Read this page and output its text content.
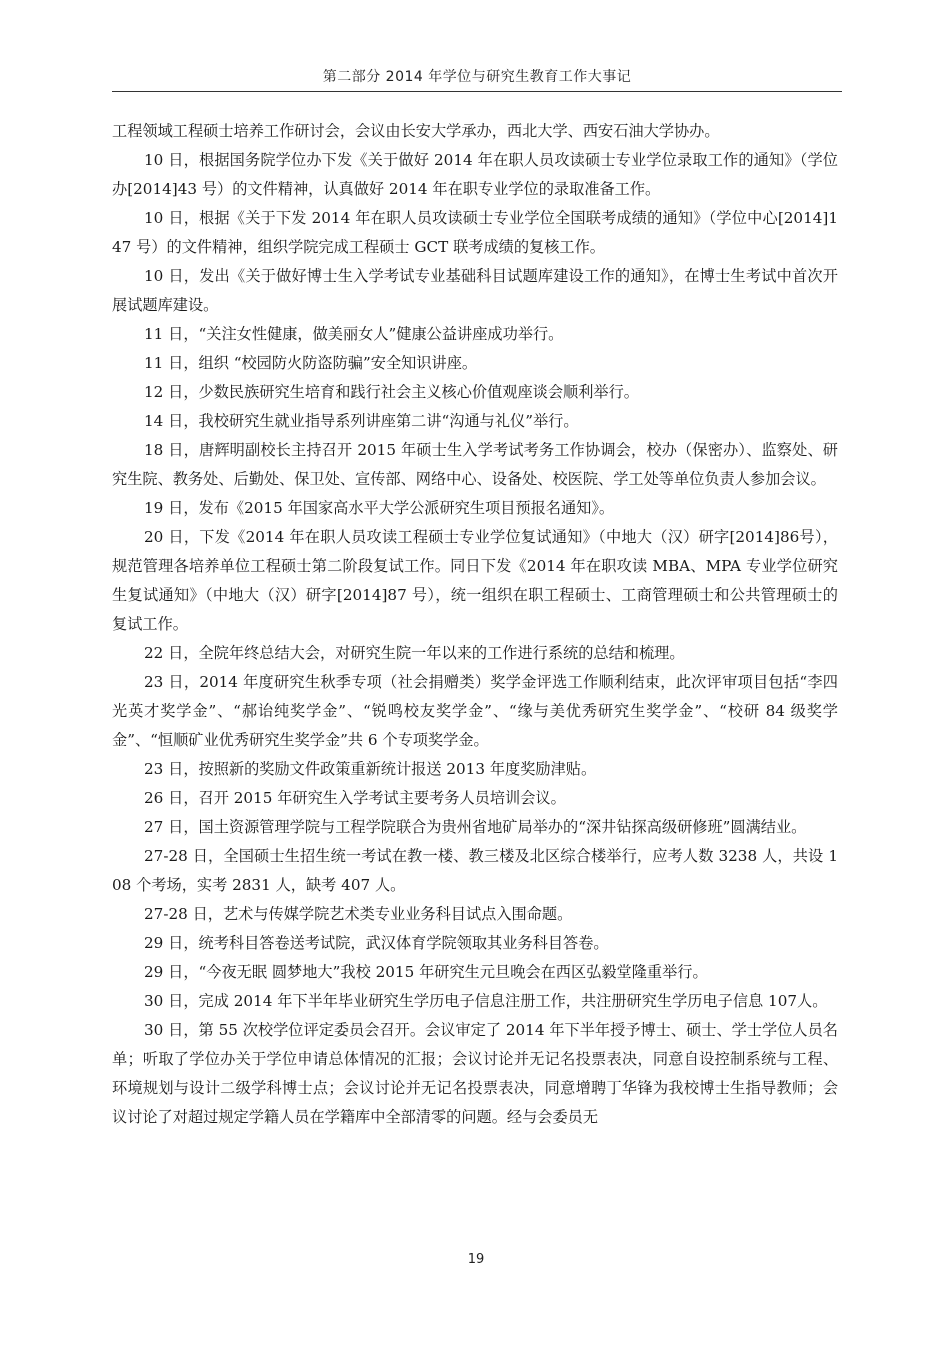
第二部分 2014 年学位与研究生教育工作大事记

工程领域工程硕士培养工作研讨会，会议由长安大学承办，西北大学、西安石油大学协办。

10 日，根据国务院学位办下发《关于做好 2014 年在职人员攻读硕士专业学位录取工作的通知》（学位办[2014]43 号）的文件精神，认真做好 2014 年在职专业学位的录取准备工作。

10 日，根据《关于下发 2014 年在职人员攻读硕士专业学位全国联考成绩的通知》（学位中心[2014]147 号）的文件精神，组织学院完成工程硕士 GCT 联考成绩的复核工作。

10 日，发出《关于做好博士生入学考试专业基础科目试题库建设工作的通知》，在博士生考试中首次开展试题库建设。

11 日，“关注女性健康，做美丽女人”健康公益讲座成功举行。

11 日，组织 “校园防火防盗防骗”安全知识讲座。

12 日，少数民族研究生培育和践行社会主义核心价值观座谈会顺利举行。

14 日，我校研究生就业指导系列讲座第二讲“沟通与礼仪”举行。

18 日，唐辉明副校长主持召开 2015 年硕士生入学考试考务工作协调会，校办（保密办）、监察处、研究生院、教务处、后勤处、保卫处、宣传部、网络中心、设备处、校医院、学工处等单位负责人参加会议。

19 日，发布《2015 年国家高水平大学公派研究生项目预报名通知》。

20 日，下发《2014 年在职人员攻读工程硕士专业学位复试通知》（中地大（汉）研字[2014]86号），规范管理各培养单位工程硕士第二阶段复试工作。同日下发《2014 年在职攻读 MBA、MPA 专业学位研究生复试通知》（中地大（汉）研字[2014]87 号），统一组织在职工程硕士、工商管理硕士和公共管理硕士的复试工作。

22 日，全院年终总结大会，对研究生院一年以来的工作进行系统的总结和梳理。

23 日，2014 年度研究生秋季专项（社会捐赠类）奖学金评选工作顺利结束，此次评审项目包括“李四光英才奖学金”、“郝诒纯奖学金”、“锐鸣校友奖学金”、“缘与美优秀研究生奖学金”、“校研 84 级奖学金”、“恒顺矿业优秀研究生奖学金”共 6 个专项奖学金。

23 日，按照新的奖励文件政策重新统计报送 2013 年度奖励津贴。

26 日，召开 2015 年研究生入学考试主要考务人员培训会议。

27 日，国土资源管理学院与工程学院联合为贵州省地矿局举办的“深井钻探高级研修班”圆满结业。

27-28 日，全国硕士生招生统一考试在教一楼、教三楼及北区综合楼举行，应考人数 3238 人，共设 108 个考场，实考 2831 人，缺考 407 人。

27-28 日，艺术与传媒学院艺术类专业业务科目试点入围命题。

29 日，统考科目答卷送考试院，武汉体育学院领取其业务科目答卷。

29 日，“今夜无眠 圆梦地大”我校 2015 年研究生元旦晚会在西区弘毅堂隆重举行。

30 日，完成 2014 年下半年毕业研究生学历电子信息注册工作，共注册研究生学历电子信息 107人。

30 日，第 55 次校学位评定委员会召开。会议审定了 2014 年下半年授予博士、硕士、学士学位人员名单；听取了学位办关于学位申请总体情况的汇报；会议讨论并无记名投票表决，同意自设控制系统与工程、环境规划与设计二级学科博士点；会议讨论并无记名投票表决，同意增聘丁华锋为我校博士生指导教师；会议讨论了对超过规定学籍人员在学籍库中全部清零的问题。经与会委员无

19
